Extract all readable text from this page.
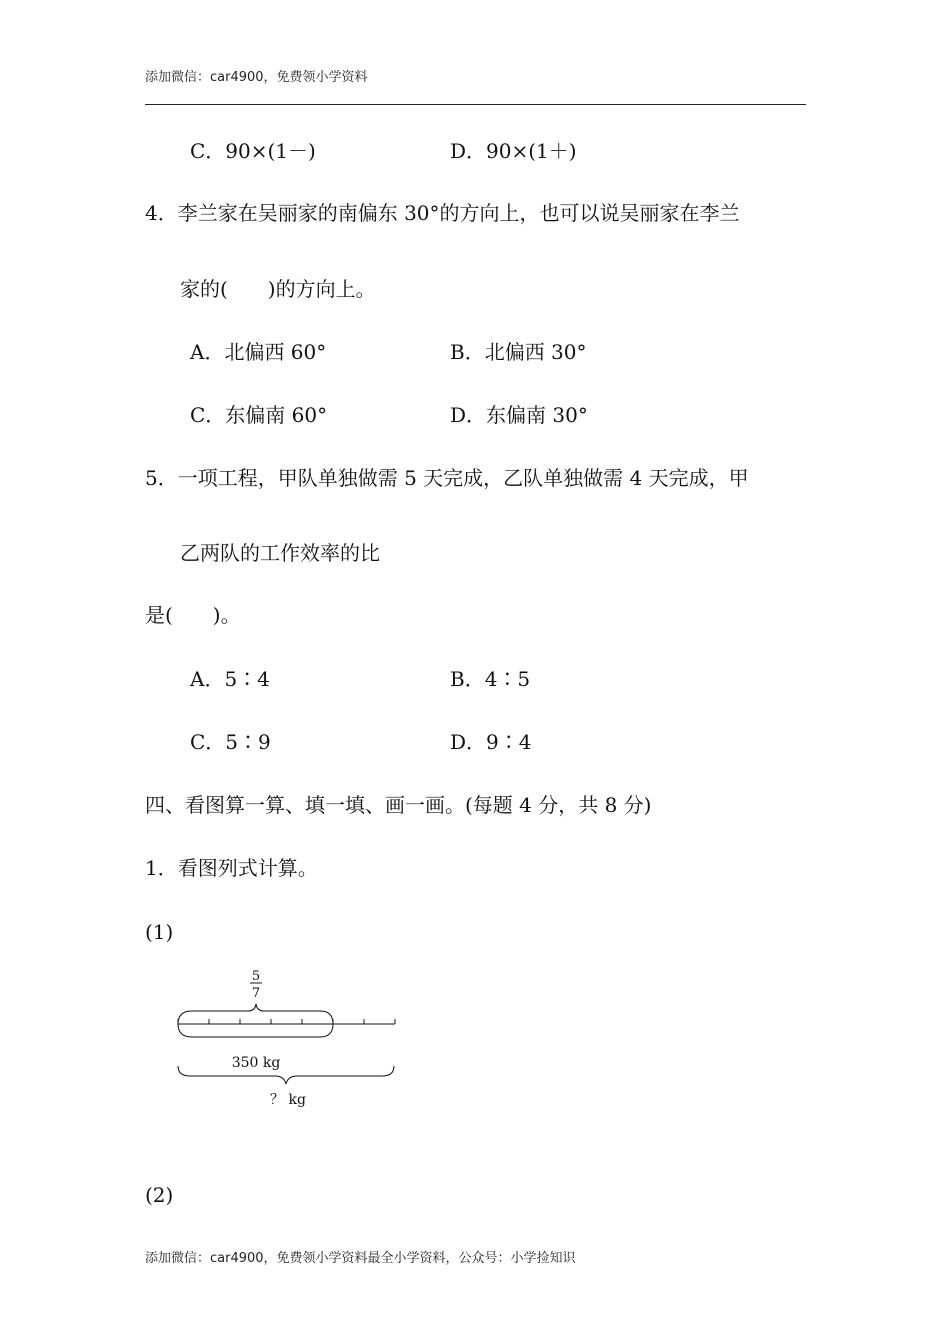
添加微信：car4900，免费领小学资料
C．90×(1－)	D．90×(1＋)
4．李兰家在吴丽家的南偏东 30°的方向上，也可以说吴丽家在李兰
家的(　　)的方向上。
A．北偏西 60°	B．北偏西 30°
C．东偏南 60°	D．东偏南 30°
5．一项工程，甲队单独做需 5 天完成，乙队单独做需 4 天完成，甲
乙两队的工作效率的比
是(　　)。
A．5∶4	B．4∶5
C．5∶9	D．9∶4
四、看图算一算、填一填、画一画。(每题 4 分，共 8 分)
1．看图列式计算。
(1)
5
7
350 kg
？ kg
(2)
添加微信：car4900，免费领小学资料最全小学资料，公众号：小学捡知识
